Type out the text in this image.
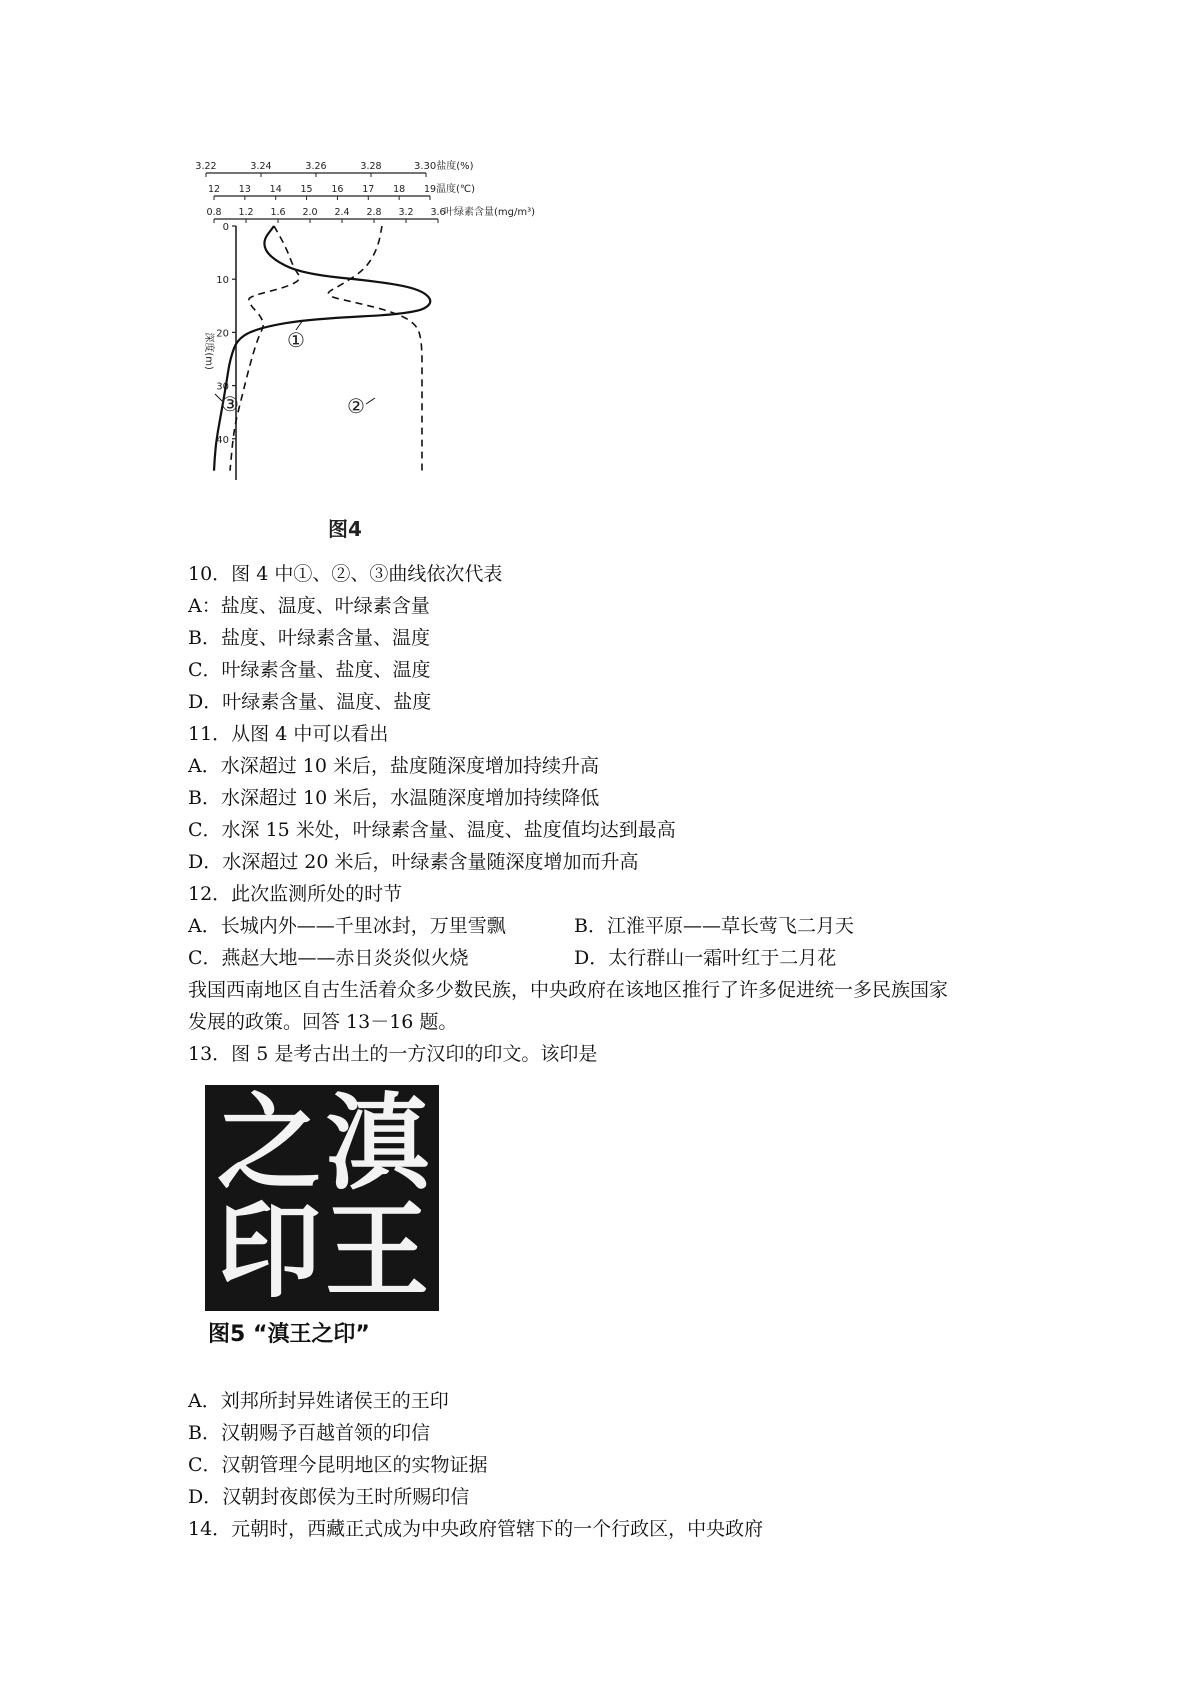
0
10
20
30
40
深度(m)
3.22	3.24	3.26	3.28	3.30盐度(%)
12 13 14 15 16 17 18 19 温度(℃)
0.8 1.2 1.6 2.0 2.4 2.8 3.2 3.6
叶绿素含量(mg/m³)
①
②
③
图4
10．图 4 中①、②、③曲线依次代表
A：盐度、温度、叶绿素含量
B．盐度、叶绿素含量、温度
C．叶绿素含量、盐度、温度
D．叶绿素含量、温度、盐度
11．从图 4 中可以看出
A．水深超过 10 米后，盐度随深度增加持续升高
B．水深超过 10 米后，水温随深度增加持续降低
C．水深 15 米处，叶绿素含量、温度、盐度值均达到最高
D．水深超过 20 米后，叶绿素含量随深度增加而升高
12．此次监测所处的时节
A．长城内外——千里冰封，万里雪飘	B．江淮平原——草长莺飞二月天
C．燕赵大地——赤日炎炎似火烧	D．太行群山一霜叶红于二月花
我国西南地区自古生活着众多少数民族，中央政府在该地区推行了许多促进统一多民族国家
发展的政策。回答 13－16 题。
13．图 5 是考古出土的一方汉印的印文。该印是
滇
王
之
印
图5 “滇王之印”
A．刘邦所封异姓诸侯王的王印
B．汉朝赐予百越首领的印信
C．汉朝管理今昆明地区的实物证据
D．汉朝封夜郎侯为王时所赐印信
14．元朝时，西藏正式成为中央政府管辖下的一个行政区，中央政府
